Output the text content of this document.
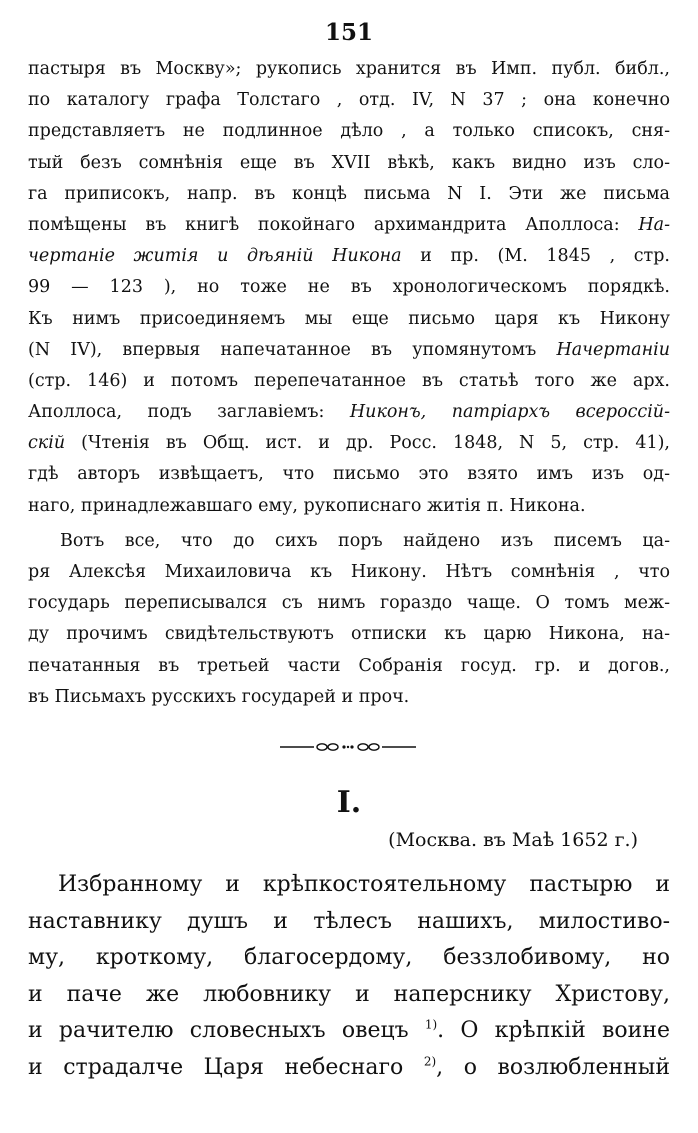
151
пастыря въ Москву»; рукопись хранится въ Имп. публ. библ.,
по каталогу графа Толстаго , отд. IV, N 37 ; она конечно
представляетъ не подлинное дѣло , а только списокъ, сня-
тый безъ сомнѣнія еще въ XVII вѣкѣ, какъ видно изъ сло-
га приписокъ, напр. въ концѣ письма N I. Эти же письма
помѣщены въ книгѣ покойнаго архимандрита Аполлоса: На-
чертаніе житія и дѣяній Никона и пр. (М. 1845 , стр.
99 — 123 ), но тоже не въ хронологическомъ порядкѣ.
Къ нимъ присоединяемъ мы еще письмо царя къ Никону
(N IV), впервыя напечатанное въ упомянутомъ Начертаніи
(стр. 146) и потомъ перепечатанное въ статьѣ того же арх.
Аполлоса, подъ заглавіемъ: Никонъ, патріархъ всероссій-
скій (Чтенія въ Общ. ист. и др. Росс. 1848, N 5, стр. 41),
гдѣ авторъ извѣщаетъ, что письмо это взято имъ изъ од-
наго, принадлежавшаго ему, рукописнаго житія п. Никона.
Вотъ все, что до сихъ поръ найдено изъ писемъ ца-
ря Алексѣя Михаиловича къ Никону. Нѣтъ сомнѣнія , что
государь переписывался съ нимъ гораздо чаще. О томъ меж-
ду прочимъ свидѣтельствуютъ отписки къ царю Никона, на-
печатанныя въ третьей части Собранія госуд. гр. и догов.,
въ Письмахъ русскихъ государей и проч.
I.
(Москва. въ Маѣ 1652 г.)
Избранному и крѣпкостоятельному пастырю и
наставнику душъ и тѣлесъ нашихъ, милостиво-
му, кроткому, благосердому, беззлобивому, но
и паче же любовнику и наперснику Христову,
и рачителю словесныхъ овецъ $^{1)}$. О крѣпкій воине
и страдалче Царя небеснаго $^{2)}$, о возлюбленный
